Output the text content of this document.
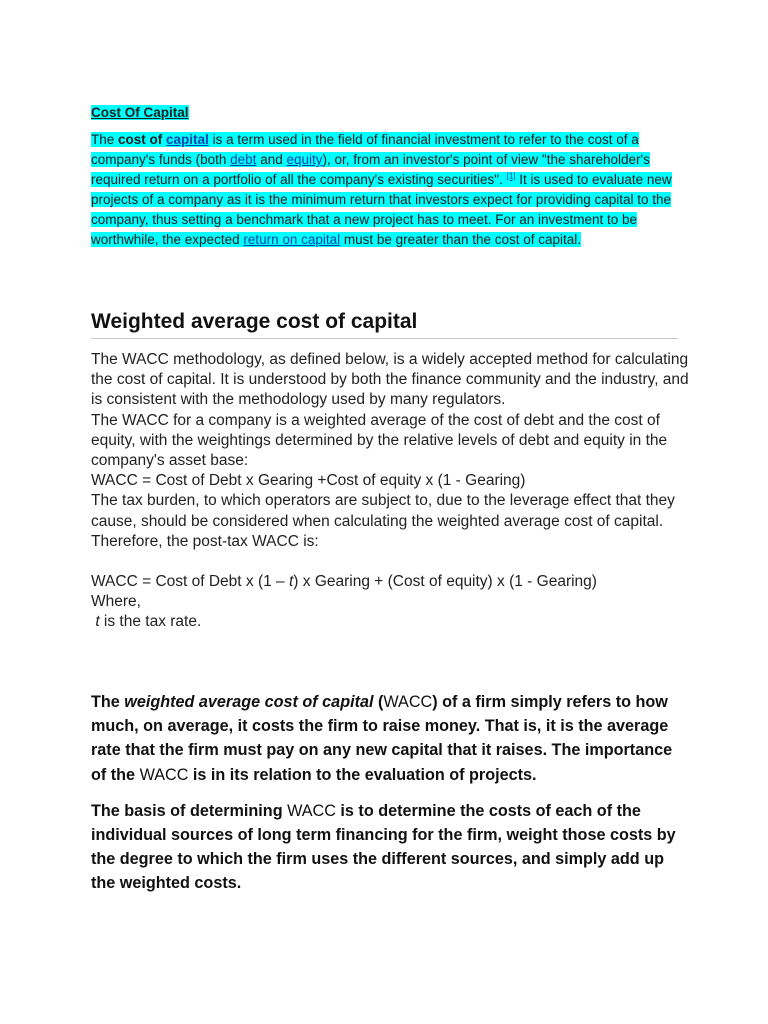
Cost Of Capital

The cost of capital is a term used in the field of financial investment to refer to the cost of a company's funds (both debt and equity), or, from an investor's point of view "the shareholder's required return on a portfolio of all the company's existing securities". [1] It is used to evaluate new projects of a company as it is the minimum return that investors expect for providing capital to the company, thus setting a benchmark that a new project has to meet. For an investment to be worthwhile, the expected return on capital must be greater than the cost of capital.

Weighted average cost of capital

The WACC methodology, as defined below, is a widely accepted method for calculating the cost of capital. It is understood by both the finance community and the industry, and is consistent with the methodology used by many regulators.

The WACC for a company is a weighted average of the cost of debt and the cost of equity, with the weightings determined by the relative levels of debt and equity in the company's asset base:

WACC = Cost of Debt x Gearing +Cost of equity x (1 - Gearing)

The tax burden, to which operators are subject to, due to the leverage effect that they cause, should be considered when calculating the weighted average cost of capital. Therefore, the post-tax WACC is:

WACC = Cost of Debt x (1 – t) x Gearing + (Cost of equity) x (1 - Gearing)

Where,

t is the tax rate.

The weighted average cost of capital (WACC) of a firm simply refers to how much, on average, it costs the firm to raise money. That is, it is the average rate that the firm must pay on any new capital that it raises. The importance of the WACC is in its relation to the evaluation of projects.

The basis of determining WACC is to determine the costs of each of the individual sources of long term financing for the firm, weight those costs by the degree to which the firm uses the different sources, and simply add up the weighted costs.
